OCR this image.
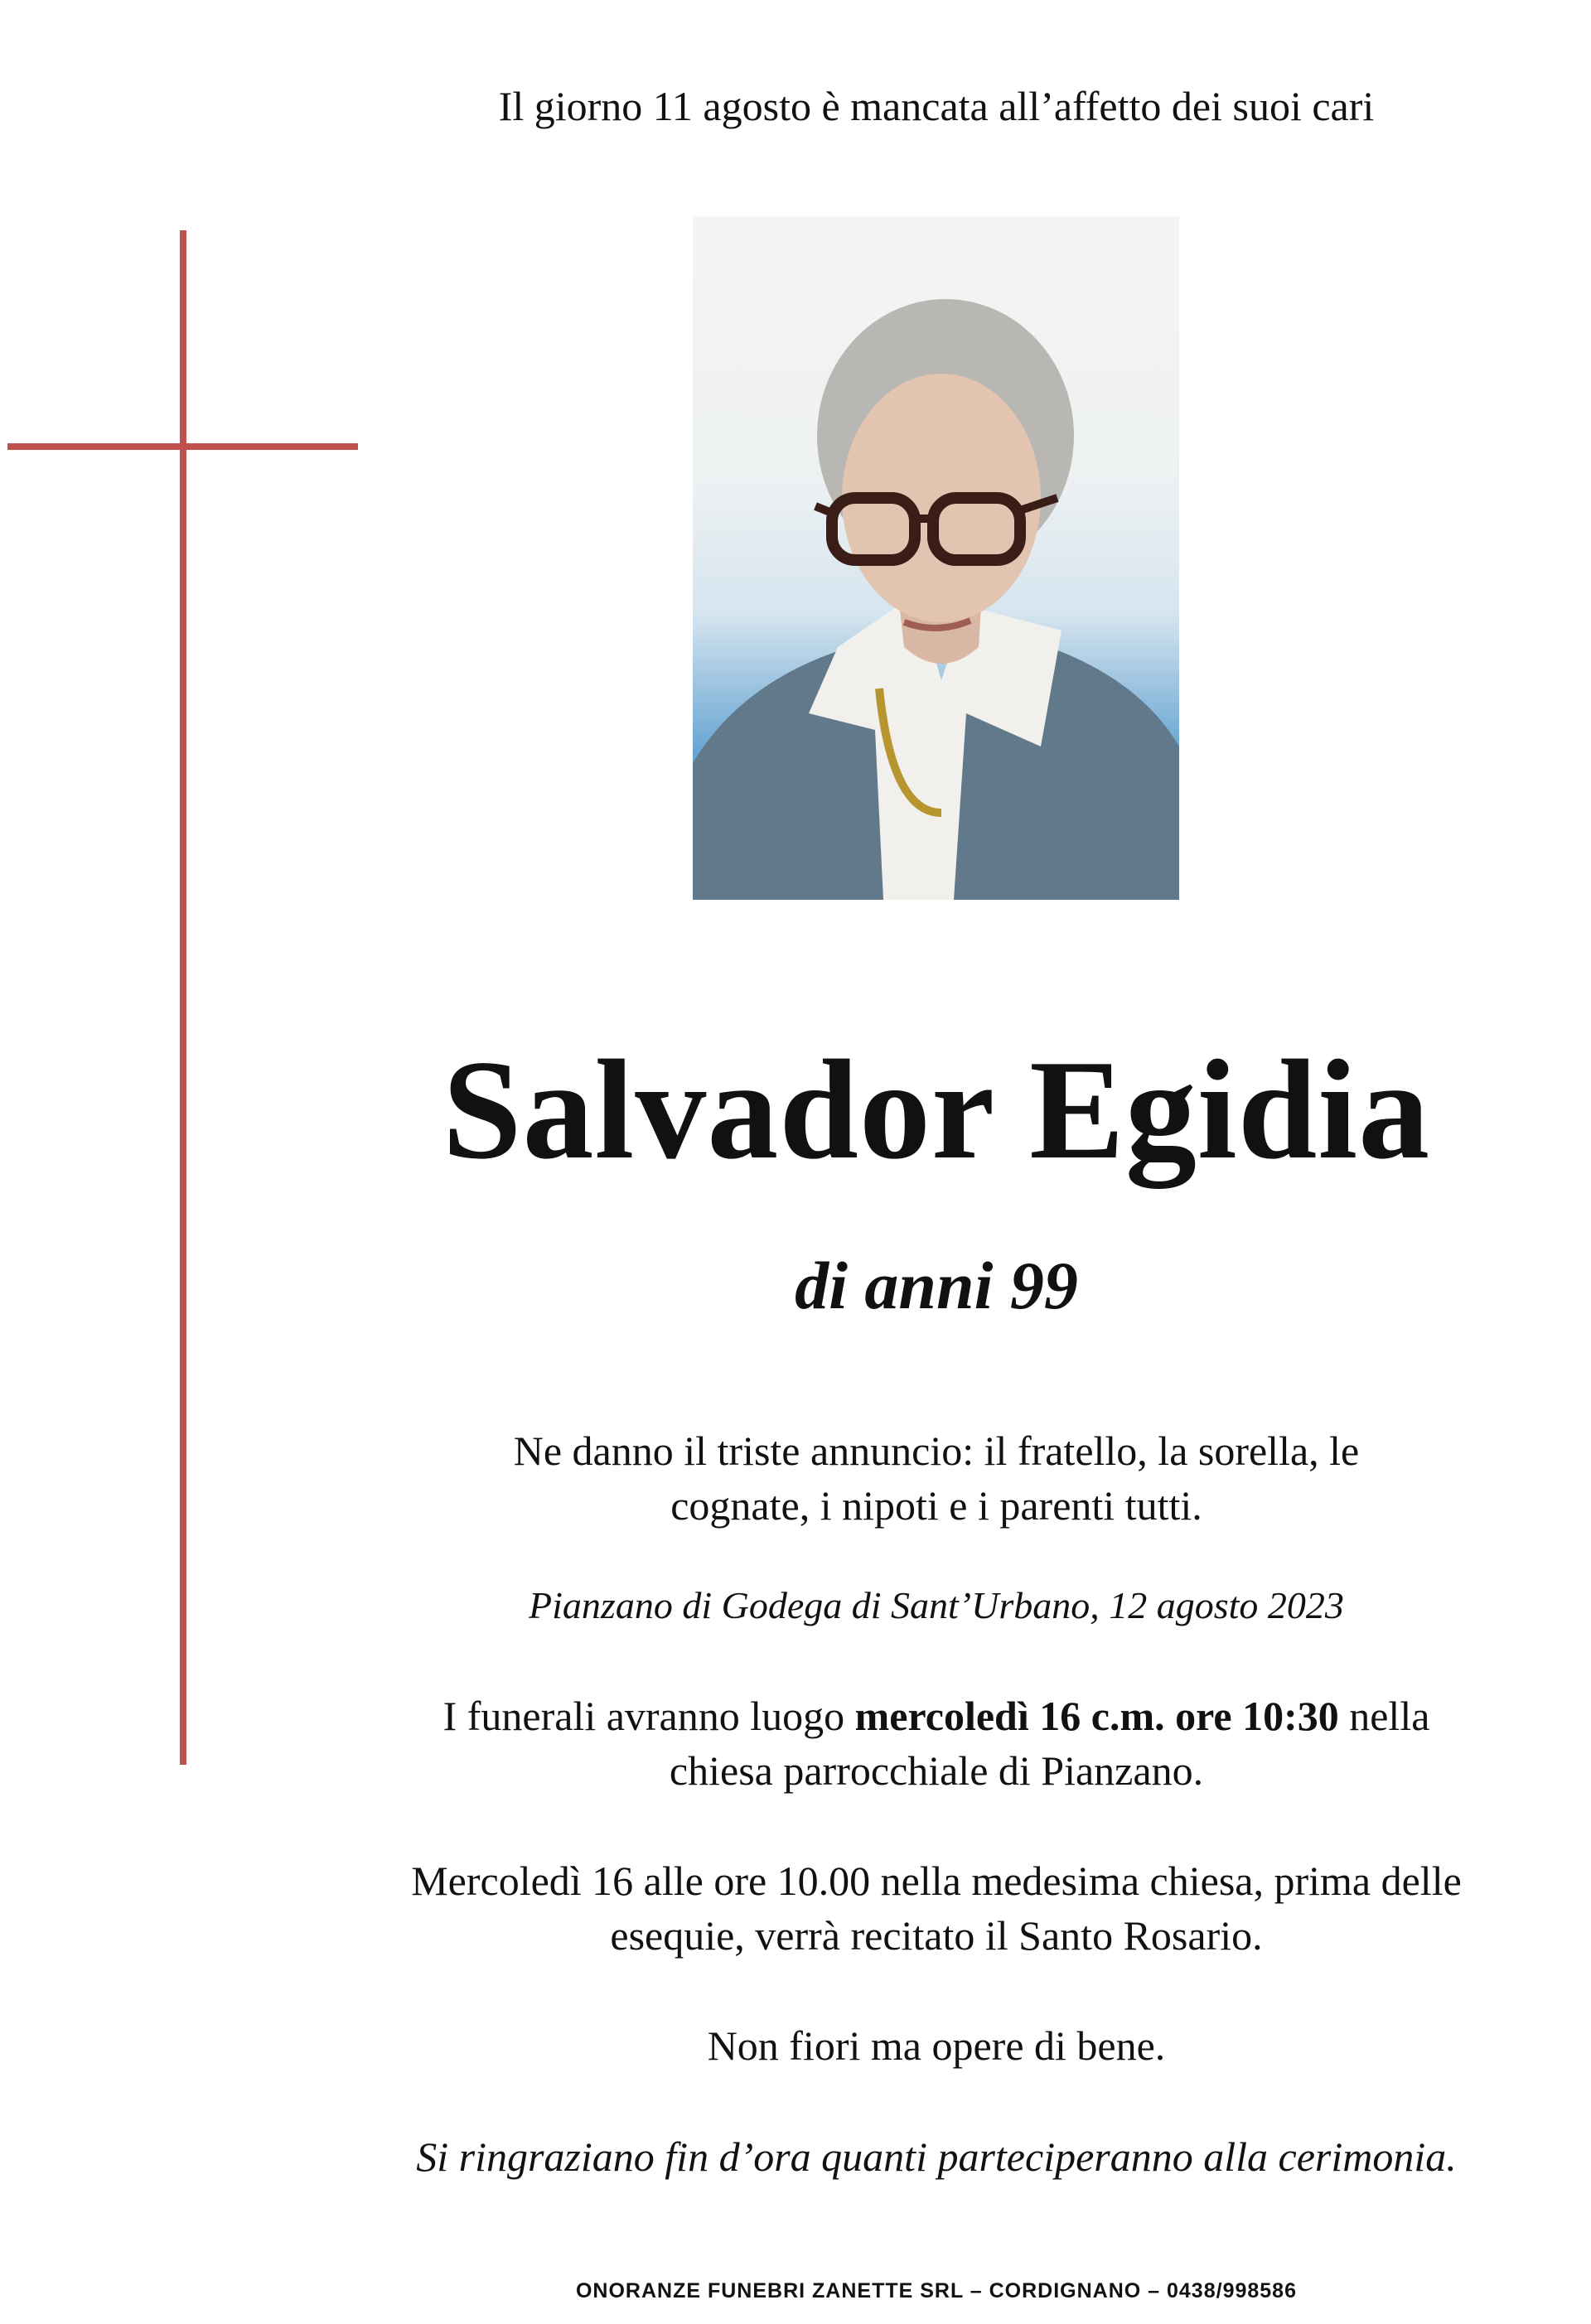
Il giorno 11 agosto è mancata all’affetto dei suoi cari
Salvador Egidia
di anni 99
Ne danno il triste annuncio: il fratello, la sorella, le
cognate, i nipoti e i parenti tutti.
Pianzano di Godega di Sant’Urbano, 12 agosto 2023
I funerali avranno luogo mercoledì 16 c.m. ore 10:30 nella
chiesa parrocchiale di Pianzano.
Mercoledì 16 alle ore 10.00 nella medesima chiesa, prima delle
esequie, verrà recitato il Santo Rosario.
Non fiori ma opere di bene.
Si ringraziano fin d’ora quanti parteciperanno alla cerimonia.
ONORANZE FUNEBRI ZANETTE SRL – CORDIGNANO – 0438/998586
